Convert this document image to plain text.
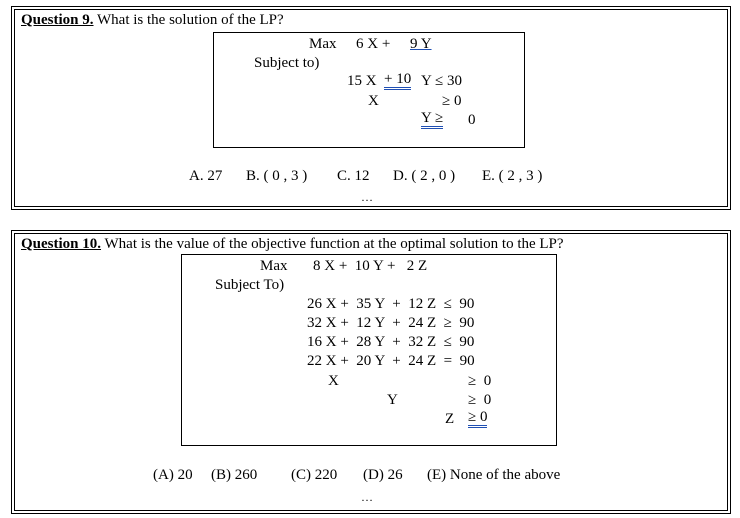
Question 9. What is the solution of the LP?
Max 6 X + 9 Y
Subject to)
15 X + 10 Y ≤ 30
X	≥ 0
Y ≥ 0
A. 27 B. ( 0 , 3 ) C. 12 D. ( 2 , 0 ) E. ( 2 , 3 )
…
Question 10. What is the value of the objective function at the optimal solution to the LP?
Max 8 X +  10 Y +   2 Z
Subject To)
26 X +  35 Y  +  12 Z  ≤  90
32 X +  12 Y  +  24 Z  ≥  90
16 X +  28 Y  +  32 Z  ≤  90
22 X +  20 Y  +  24 Z  =  90
X	≥  0
Y	≥  0
Z ≥ 0
(A) 20 (B) 260 (C) 220 (D) 26 (E) None of the above
…
